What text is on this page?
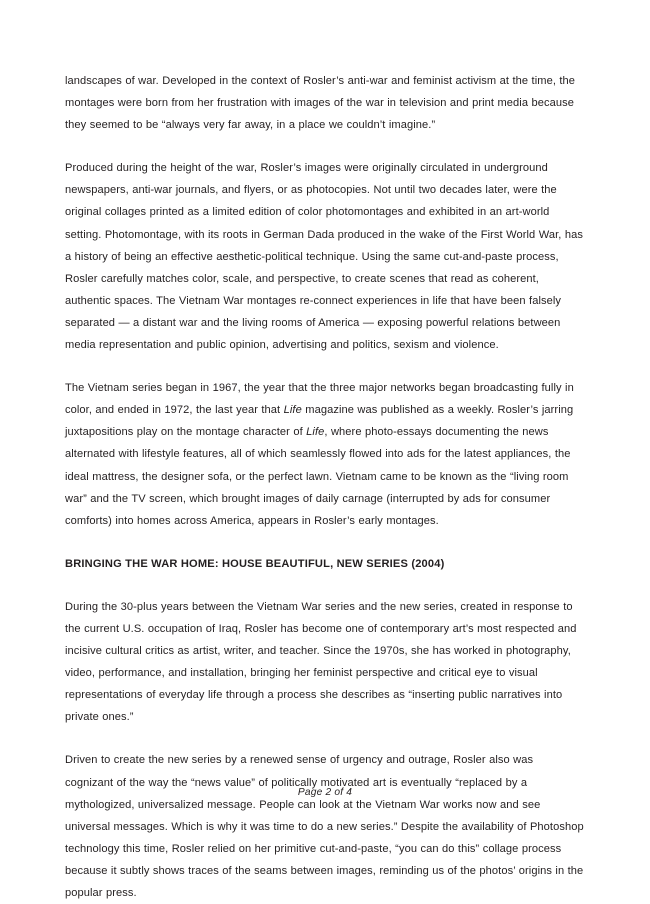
landscapes of war. Developed in the context of Rosler’s anti-war and feminist activism at the time, the montages were born from her frustration with images of the war in television and print media because they seemed to be “always very far away, in a place we couldn’t imagine.”

Produced during the height of the war, Rosler’s images were originally circulated in underground newspapers, anti-war journals, and flyers, or as photocopies. Not until two decades later, were the original collages printed as a limited edition of color photomontages and exhibited in an art-world setting. Photomontage, with its roots in German Dada produced in the wake of the First World War, has a history of being an effective aesthetic-political technique. Using the same cut-and-paste process, Rosler carefully matches color, scale, and perspective, to create scenes that read as coherent, authentic spaces. The Vietnam War montages re-connect experiences in life that have been falsely separated — a distant war and the living rooms of America — exposing powerful relations between media representation and public opinion, advertising and politics, sexism and violence.

The Vietnam series began in 1967, the year that the three major networks began broadcasting fully in color, and ended in 1972, the last year that Life magazine was published as a weekly. Rosler’s jarring juxtapositions play on the montage character of Life, where photo-essays documenting the news alternated with lifestyle features, all of which seamlessly flowed into ads for the latest appliances, the ideal mattress, the designer sofa, or the perfect lawn. Vietnam came to be known as the “living room war” and the TV screen, which brought images of daily carnage (interrupted by ads for consumer comforts) into homes across America, appears in Rosler’s early montages.

BRINGING THE WAR HOME: HOUSE BEAUTIFUL, NEW SERIES (2004)

During the 30-plus years between the Vietnam War series and the new series, created in response to the current U.S. occupation of Iraq, Rosler has become one of contemporary art’s most respected and incisive cultural critics as artist, writer, and teacher. Since the 1970s, she has worked in photography, video, performance, and installation, bringing her feminist perspective and critical eye to visual representations of everyday life through a process she describes as “inserting public narratives into private ones.”

Driven to create the new series by a renewed sense of urgency and outrage, Rosler also was cognizant of the way the “news value” of politically motivated art is eventually “replaced by a mythologized, universalized message. People can look at the Vietnam War works now and see universal messages. Which is why it was time to do a new series.” Despite the availability of Photoshop technology this time, Rosler relied on her primitive cut-and-paste, “you can do this” collage process because it subtly shows traces of the seams between images, reminding us of the photos’ origins in the popular press.

Page 2 of 4
